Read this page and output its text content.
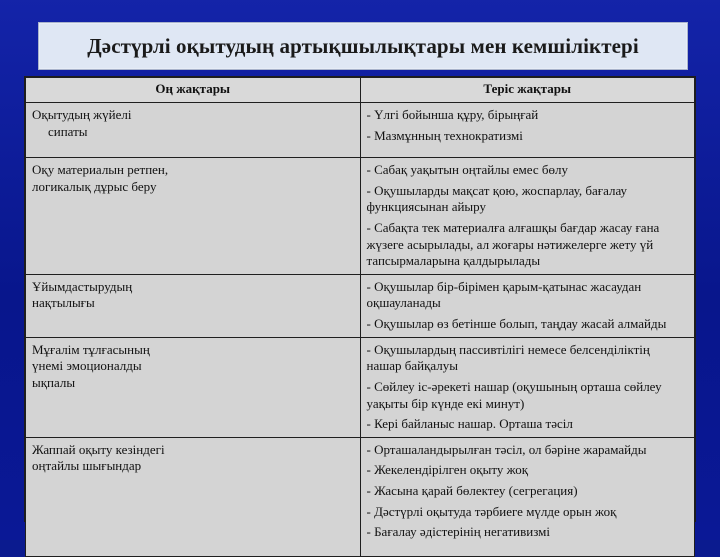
Дәстүрлі оқытудың артықшылықтары мен кемшіліктері
Оң жақтары	Теріс жақтары

Оқытудың жүйелі
сипаты	- Үлгі бойынша құру, бірыңғай
- Мазмұнның технократизмі

Оқу материалын ретпен,
логикалық дұрыс беру	- Сабақ уақытын оңтайлы емес бөлу
- Оқушыларды мақсат қою, жоспарлау, бағалау функциясынан айыру
- Сабақта тек материалға алғашқы бағдар жасау ғана жүзеге асырылады, ал жоғары нәтижелерге жету үй тапсырмаларына қалдырылады

Ұйымдастырудың
нақтылығы	- Оқушылар бір-бірімен қарым-қатынас жасаудан оқшауланады
- Оқушылар өз бетінше болып, таңдау жасай алмайды

Мұғалім тұлғасының
үнемі эмоционалды
ықпалы	- Оқушылардың пассивтілігі немесе белсенділіктің нашар байқалуы
- Сөйлеу іс-әрекеті нашар (оқушының орташа сөйлеу уақыты бір күнде екі минут)
- Кері байланыс нашар. Орташа тәсіл

Жаппай оқыту кезіндегі
оңтайлы шығындар	- Орташаландырылған тәсіл, ол бәріне жарамайды
- Жекелендірілген оқыту жоқ
- Жасына қарай бөлектеу (сегрегация)
- Дәстүрлі оқытуда тәрбиеге мүлде орын жоқ
- Бағалау әдістерінің негативизмі
